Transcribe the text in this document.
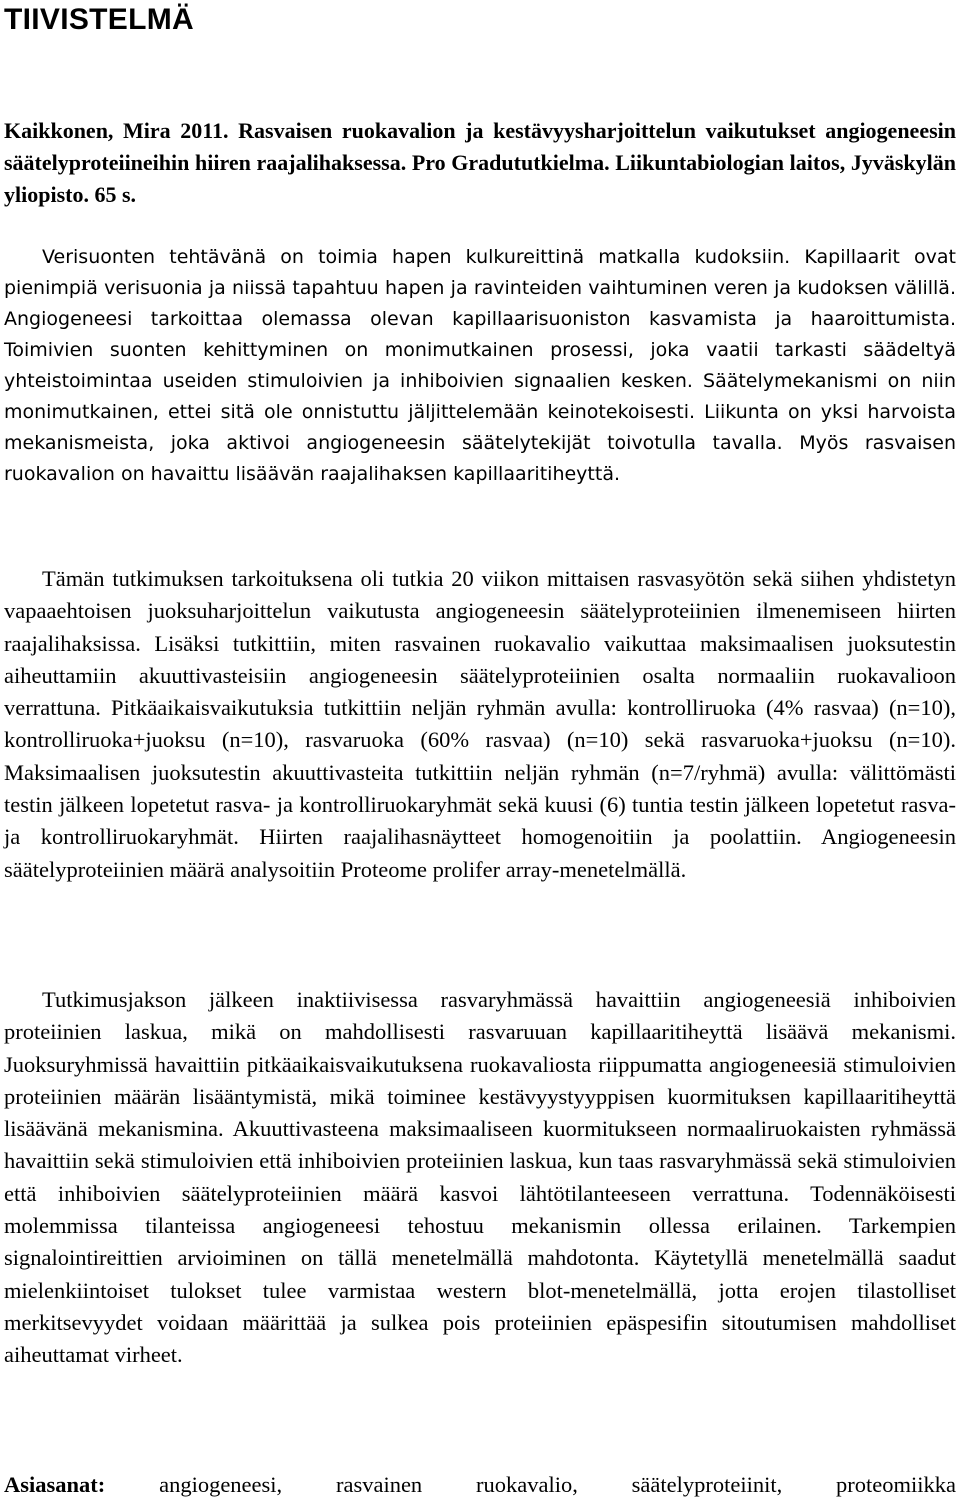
TIIVISTELMÄ

Kaikkonen, Mira 2011. Rasvaisen ruokavalion ja kestävyysharjoittelun vaikutukset angiogeneesin säätelyproteiineihin hiiren raajalihaksessa. Pro Gradututkielma. Liikuntabiologian laitos, Jyväskylän yliopisto. 65 s.

Verisuonten tehtävänä on toimia hapen kulkureittinä matkalla kudoksiin. Kapillaarit ovat pienimpiä verisuonia ja niissä tapahtuu hapen ja ravinteiden vaihtuminen veren ja kudoksen välillä. Angiogeneesi tarkoittaa olemassa olevan kapillaarisuoniston kasvamista ja haaroittumista. Toimivien suonten kehittyminen on monimutkainen prosessi, joka vaatii tarkasti säädeltyä yhteistoimintaa useiden stimuloivien ja inhiboivien signaalien kesken. Säätelymekanismi on niin monimutkainen, ettei sitä ole onnistuttu jäljittelemään keinotekoisesti. Liikunta on yksi harvoista mekanismeista, joka aktivoi angiogeneesin säätelytekijät toivotulla tavalla. Myös rasvaisen ruokavalion on havaittu lisäävän raajalihaksen kapillaaritiheyttä.

Tämän tutkimuksen tarkoituksena oli tutkia 20 viikon mittaisen rasvasyötön sekä siihen yhdistetyn vapaaehtoisen juoksuharjoittelun vaikutusta angiogeneesin säätelyproteiinien ilmenemiseen hiirten raajalihaksissa. Lisäksi tutkittiin, miten rasvainen ruokavalio vaikuttaa maksimaalisen juoksutestin aiheuttamiin akuuttivasteisiin angiogeneesin säätelyproteiinien osalta normaaliin ruokavalioon verrattuna. Pitkäaikaisvaikutuksia tutkittiin neljän ryhmän avulla: kontrolliruoka (4% rasvaa) (n=10), kontrolliruoka+juoksu (n=10), rasvaruoka (60% rasvaa) (n=10) sekä rasvaruoka+juoksu (n=10). Maksimaalisen juoksutestin akuuttivasteita tutkittiin neljän ryhmän (n=7/ryhmä) avulla: välittömästi testin jälkeen lopetetut rasva- ja kontrolliruokaryhmät sekä kuusi (6) tuntia testin jälkeen lopetetut rasva- ja kontrolliruokaryhmät. Hiirten raajalihasnäytteet homogenoitiin ja poolattiin. Angiogeneesin säätelyproteiinien määrä analysoitiin Proteome prolifer array-menetelmällä.

Tutkimusjakson jälkeen inaktiivisessa rasvaryhmässä havaittiin angiogeneesiä inhiboivien proteiinien laskua, mikä on mahdollisesti rasvaruuan kapillaaritiheyttä lisäävä mekanismi. Juoksuryhmissä havaittiin pitkäaikaisvaikutuksena ruokavaliosta riippumatta angiogeneesiä stimuloivien proteiinien määrän lisääntymistä, mikä toiminee kestävyystyyppisen kuormituksen kapillaaritiheyttä lisäävänä mekanismina. Akuuttivasteena maksimaaliseen kuormitukseen normaaliruokaisten ryhmässä havaittiin sekä stimuloivien että inhiboivien proteiinien laskua, kun taas rasvaryhmässä sekä stimuloivien että inhiboivien säätelyproteiinien määrä kasvoi lähtötilanteeseen verrattuna. Todennäköisesti molemmissa tilanteissa angiogeneesi tehostuu mekanismin ollessa erilainen. Tarkempien signalointireittien arvioiminen on tällä menetelmällä mahdotonta. Käytetyllä menetelmällä saadut mielenkiintoiset tulokset tulee varmistaa western blot-menetelmällä, jotta erojen tilastolliset merkitsevyydet voidaan määrittää ja sulkea pois proteiinien epäspesifin sitoutumisen mahdolliset aiheuttamat virheet.

Asiasanat: angiogeneesi, rasvainen ruokavalio, säätelyproteiinit, proteomiikka
